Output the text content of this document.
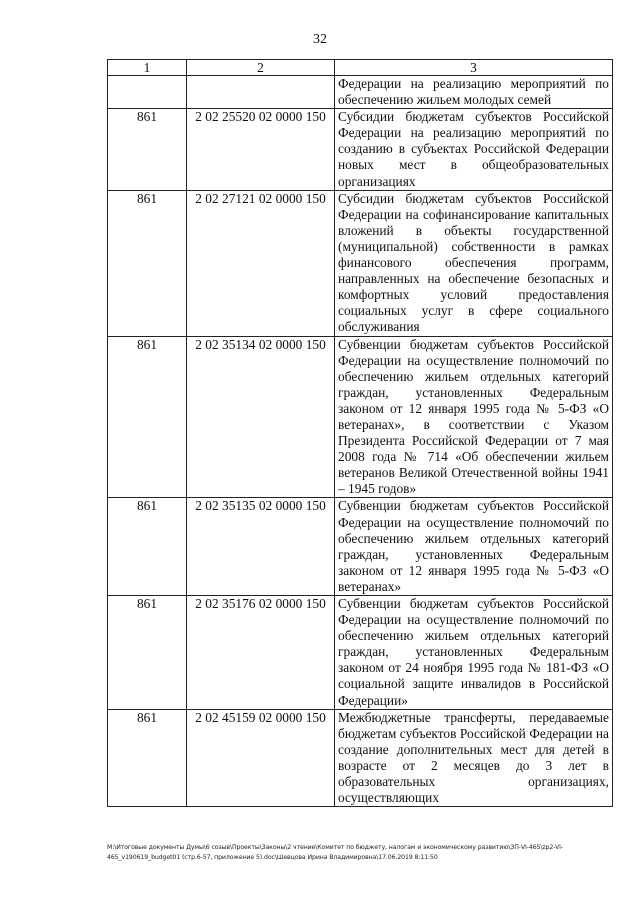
32
1	2	3
		Федерации на реализацию мероприятий по обеспечению жильем молодых семей
861	2 02 25520 02 0000 150	Субсидии бюджетам субъектов Российской Федерации на реализацию мероприятий по созданию в субъектах Российской Федерации новых мест в общеобразовательных организациях
861	2 02 27121 02 0000 150	Субсидии бюджетам субъектов Российской Федерации на софинансирование капитальных вложений в объекты государственной (муниципальной) собственности в рамках финансового обеспечения программ, направленных на обеспечение безопасных и комфортных условий предоставления социальных услуг в сфере социального обслуживания
861	2 02 35134 02 0000 150	Субвенции бюджетам субъектов Российской Федерации на осуществление полномочий по обеспечению жильем отдельных категорий граждан, установленных Федеральным законом от 12 января 1995 года № 5-ФЗ «О ветеранах», в соответствии с Указом Президента Российской Федерации от 7 мая 2008 года № 714 «Об обеспечении жильем ветеранов Великой Отечественной войны 1941 – 1945 годов»
861	2 02 35135 02 0000 150	Субвенции бюджетам субъектов Российской Федерации на осуществление полномочий по обеспечению жильем отдельных категорий граждан, установленных Федеральным законом от 12 января 1995 года № 5-ФЗ «О ветеранах»
861	2 02 35176 02 0000 150	Субвенции бюджетам субъектов Российской Федерации на осуществление полномочий по обеспечению жильем отдельных категорий граждан, установленных Федеральным законом от 24 ноября 1995 года № 181-ФЗ «О социальной защите инвалидов в Российской Федерации»
861	2 02 45159 02 0000 150	Межбюджетные трансферты, передаваемые бюджетам субъектов Российской Федерации на создание дополнительных мест для детей в возрасте от 2 месяцев до 3 лет в образовательных организациях, осуществляющих
M:\Итоговые документы Думы\6 созыв\Проекты\Законы\2 чтение\Комитет по бюджету, налогам и экономическому развитию\ЗП-VI-465\zp2-VI-
465_v190619_budget01 (стр.6-57, приложение 5).doc\Шевцова Ирина Владимировна\17.06.2019 8:11:50
